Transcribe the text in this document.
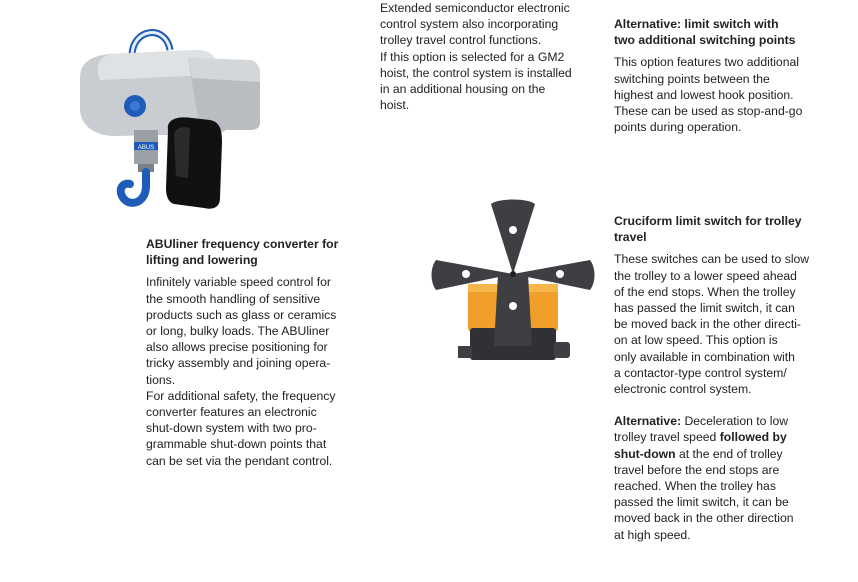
ABUS
Extended semiconductor electronic
control system also incorporating
trolley travel control functions.
If this option is selected for a GM2
hoist, the control system is installed
in an additional housing on the
hoist.
ABUliner frequency converter for
lifting and lowering
Infinitely variable speed control for
the smooth handling of sensitive
products such as glass or ceramics
or long, bulky loads. The ABUliner
also allows precise positioning for
tricky assembly and joining opera-
tions.
For additional safety, the frequency
converter features an electronic
shut-down system with two pro-
grammable shut-down points that
can be set via the pendant control.
Alternative: limit switch with
two additional switching points
This option features two additional
switching points between the
highest and lowest hook position.
These can be used as stop-and-go
points during operation.
Cruciform limit switch for trolley
travel
These switches can be used to slow
the trolley to a lower speed ahead
of the end stops. When the trolley
has passed the limit switch, it can
be moved back in the other directi-
on at low speed. This option is
only available in combination with
a contactor-type control system/
electronic control system.
Alternative: Deceleration to low
trolley travel speed followed by
shut-down at the end of trolley
travel before the end stops are
reached. When the trolley has
passed the limit switch, it can be
moved back in the other direction
at high speed.
